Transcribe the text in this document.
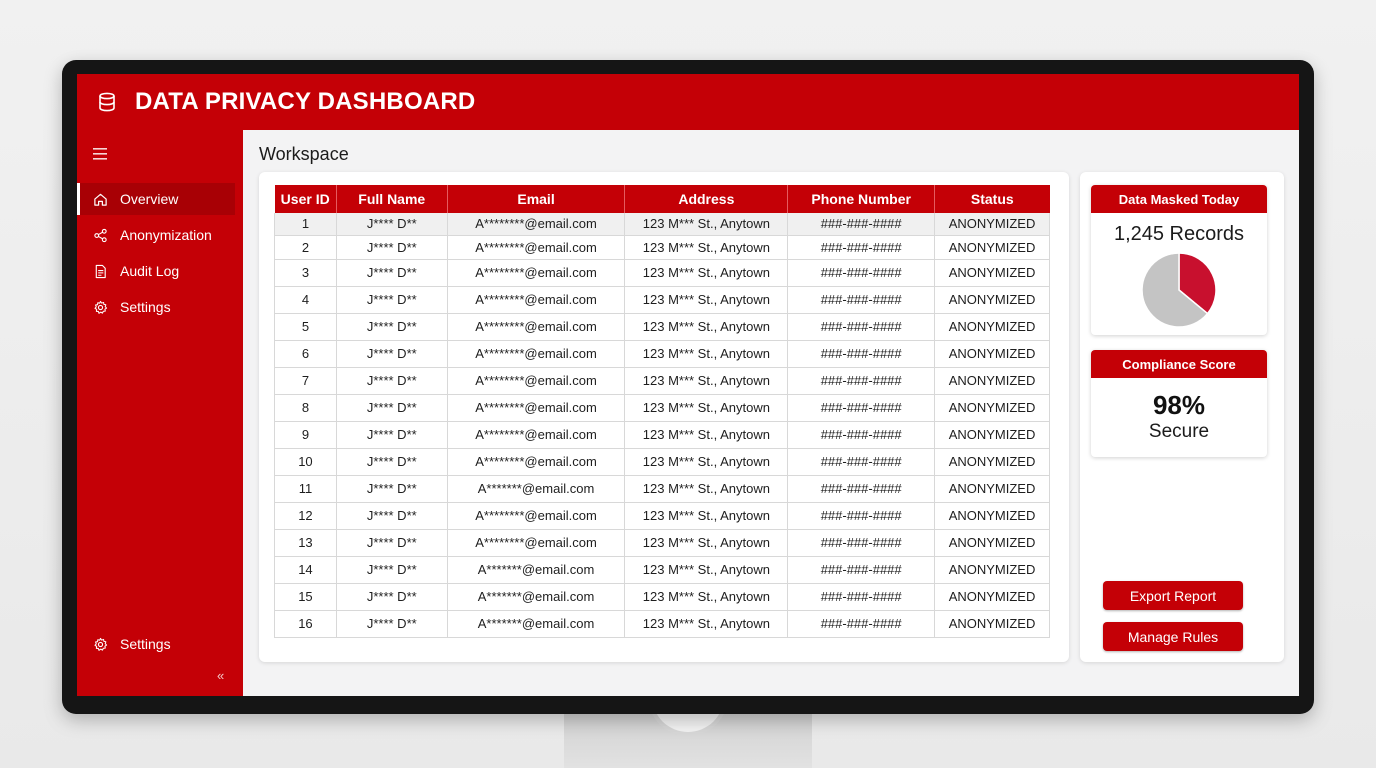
DATA PRIVACY DASHBOARD
Overview
Anonymization
Audit Log
Settings
Settings
«
Workspace
User ID	Full Name	Email	Address	Phone Number	Status
1	J**** D**	A********@email.com	123 M*** St., Anytown	###-###-####	ANONYMIZED
2	J**** D**	A********@email.com	123 M*** St., Anytown	###-###-####	ANONYMIZED
3	J**** D**	A********@email.com	123 M*** St., Anytown	###-###-####	ANONYMIZED
4	J**** D**	A********@email.com	123 M*** St., Anytown	###-###-####	ANONYMIZED
5	J**** D**	A********@email.com	123 M*** St., Anytown	###-###-####	ANONYMIZED
6	J**** D**	A********@email.com	123 M*** St., Anytown	###-###-####	ANONYMIZED
7	J**** D**	A********@email.com	123 M*** St., Anytown	###-###-####	ANONYMIZED
8	J**** D**	A********@email.com	123 M*** St., Anytown	###-###-####	ANONYMIZED
9	J**** D**	A********@email.com	123 M*** St., Anytown	###-###-####	ANONYMIZED
10	J**** D**	A********@email.com	123 M*** St., Anytown	###-###-####	ANONYMIZED
11	J**** D**	A*******@email.com	123 M*** St., Anytown	###-###-####	ANONYMIZED
12	J**** D**	A********@email.com	123 M*** St., Anytown	###-###-####	ANONYMIZED
13	J**** D**	A********@email.com	123 M*** St., Anytown	###-###-####	ANONYMIZED
14	J**** D**	A*******@email.com	123 M*** St., Anytown	###-###-####	ANONYMIZED
15	J**** D**	A*******@email.com	123 M*** St., Anytown	###-###-####	ANONYMIZED
16	J**** D**	A*******@email.com	123 M*** St., Anytown	###-###-####	ANONYMIZED
Data Masked Today
1,245 Records
Compliance Score
98%
Secure
Export Report
Manage Rules
